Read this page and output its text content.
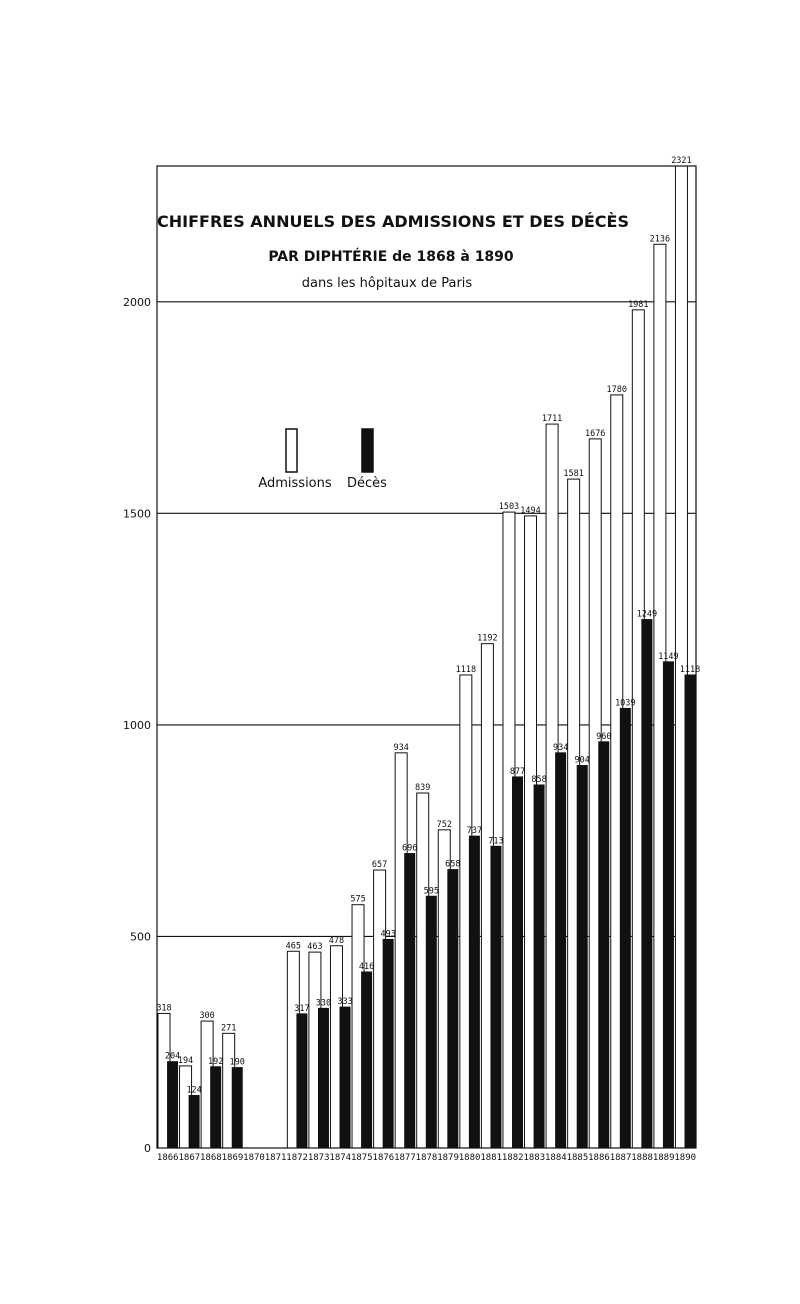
0
500
1000
1500
2000
1866 1867 1868 1869 1870 1871 1872 1873 1874 1875 1876 1877 1878 1879 1880 1881 1882 1883 1884 1885 1886 1887 1888 1889 1890
318
204
194
124
300
192
271
190
465
317
463
330
478
333
575
416
657
493
934
696
839
595
752
658
1118
737
1192
713
1503
877
1494
858
1711
934
1581
904
1676
960
1780
1039
1981
1249
2136
1149
2321
1118
CHIFFRES ANNUELS DES ADMISSIONS ET DES DÉCÈS
PAR DIPHTÉRIE de 1868 à 1890
dans les hôpitaux de Paris
Admissions Décès
